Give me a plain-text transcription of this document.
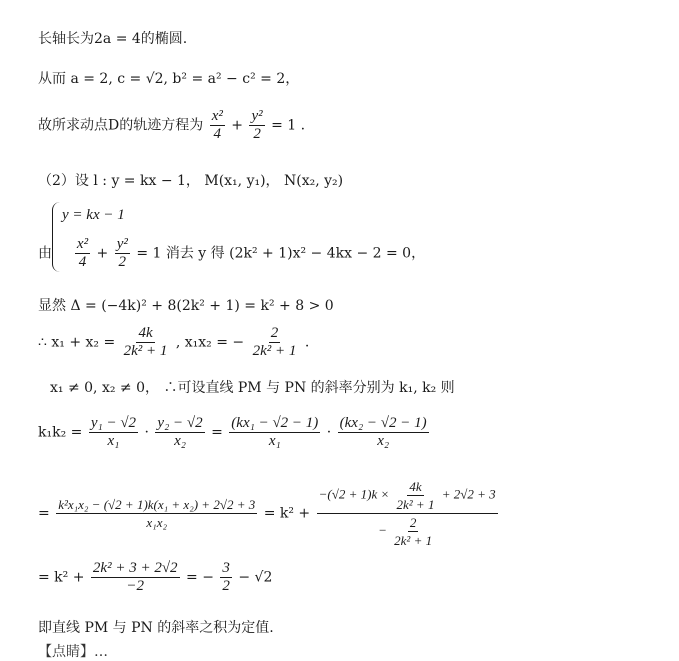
长轴长为2a = 4的椭圆.
从而 a = 2, c = √2, b² = a² − c² = 2，
故所求动点D的轨迹方程为 $\frac{\text{x²}}{4} + \frac{\text{y²}}{2} = 1$ .
（2）设 l : y = kx − 1， M(x₁, y₁)， N(x₂, y₂)
y = kx − 1
由 $\frac{\text{x²}}{4} + \frac{\text{y²}}{2} = 1$ 消去 y 得 (2k² + 1)x² − 4kx − 2 = 0，
显然 Δ = (−4k)² + 8(2k² + 1) = k² + 8 > 0
∴ $x_1 + x_2 = \frac{4k}{\text{2k² + 1}}$ , x₁x₂ = − $\frac{2}{\text{2k² + 1}}$ .
x₁ ≠ 0, x₂ ≠ 0， ∴可设直线 PM 与 PN 的斜率分别为 k₁, k₂ 则
$k_1k_2 = \frac{\text{y₁ − √2}}{\text{x₁}} \cdot \frac{\text{y₂ − √2}}{\text{x₂}} = \frac{\text{(kx₁ − √2 − 1)}}{\text{x₁}} \cdot \frac{\text{(kx₂ − √2 − 1)}}{\text{x₂}}$
= $\frac{\text{k²x₁x₂ − (√2 + 1)k(x₁ + x₂) + 2√2 + 3}}{\text{x₁x₂}} = k^2 + \frac{-(√2 + 1)k \times \frac{4k}{\text{2k² + 1}} + 2√2 + 3}{- \frac{2}{\text{2k² + 1}}}$
= $k^2 + \frac{\text{2k² + 3 + 2√2}}{-2}$ = − $\frac{3}{2} - √2$
即直线 PM 与 PN 的斜率之积为定值.
【点睛】…
